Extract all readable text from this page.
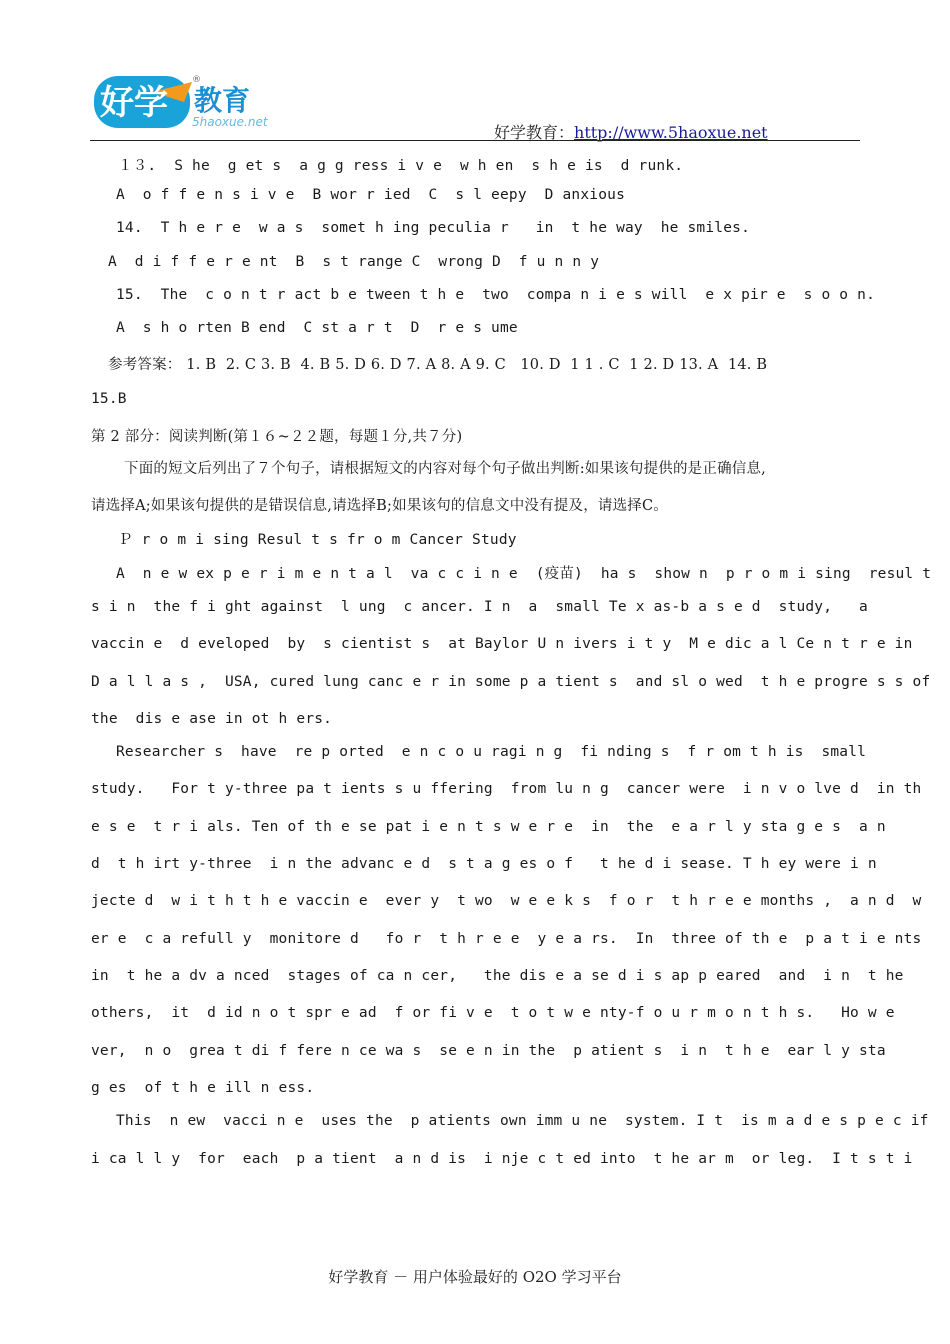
好学 教育
®
5haoxue.net
好学教育：http://www.5haoxue.net
１３.  S he  g et s  a g g ress i v e  w h en  s h e is  d runk.
A  o f f e n s i v e  B wor r ied  C  s l eepy  D anxious
14.  T h e r e  w a s  somet h ing peculia r   in  t he way  he smiles.
A  d i f f e r e nt  B  s t range C  wrong D  f u n n y
15.  The  c o n t r act b e tween t h e  two  compa n i e s will  e x pir e  s o o n.
A  s h o rten B end  C st a r t  D  r e s ume
参考答案： 1. B  2. C 3. B  4. B 5. D 6. D 7. A 8. A 9. C   10. D  1 1 . C  1 2. D 13. A  14. B
15.B
第 2 部分：阅读判断(第１６~２２题，每题１分,共７分)
下面的短文后列出了７个句子，请根据短文的内容对每个句子做出判断:如果该句提供的是正确信息,
请选择A;如果该句提供的是错误信息,请选择B;如果该句的信息文中没有提及，请选择C。
Ｐ r o m i sing Resul t s fr o m Cancer Study
A  n e w ex p e r i m e n t a l  va c c i n e  (疫苗)  ha s  show n  p r o m i sing  resul t
s i n  the f i ght against  l ung  c ancer. I n  a  small Te x as-b a s e d  study,   a
vaccin e  d eveloped  by  s cientist s  at Baylor U n ivers i t y  M e dic a l Ce n t r e in
D a l l a s ,  USA, cured lung canc e r in some p a tient s  and sl o wed  t h e progre s s of
the  dis e ase in ot h ers.
Researcher s  have  re p orted  e n c o u ragi n g  fi nding s  f r om t h is  small
study.   For t y-three pa t ients s u ffering  from lu n g  cancer were  i n v o lve d  in th
e s e  t r i als. Ten of th e se pat i e n t s w e r e  in  the  e a r l y sta g e s  a n
d  t h irt y-three  i n the advanc e d  s t a g es o f   t he d i sease. T h ey were i n
jecte d  w i t h t h e vaccin e  ever y  t wo  w e e k s  f o r  t h r e e months ,  a n d  w
er e  c a refull y  monitore d   fo r  t h r e e  y e a rs.  In  three of th e  p a t i e nts
in  t he a dv a nced  stages of ca n cer,   the dis e a se d i s ap p eared  and  i n  t he
others,  it  d id n o t spr e ad  f or fi v e  t o t w e nty-f o u r m o n t h s.   Ho w e
ver,  n o  grea t di f fere n ce wa s  se e n in the  p atient s  i n  t h e  ear l y sta
g es  of t h e ill n ess.
This  n ew  vacci n e  uses the  p atients own imm u ne  system. I t  is m a d e s p e c if
i ca l l y  for  each  p a tient  a n d is  i nje c t ed into  t he ar m  or leg.  I t s t i
好学教育 － 用户体验最好的 O2O 学习平台
